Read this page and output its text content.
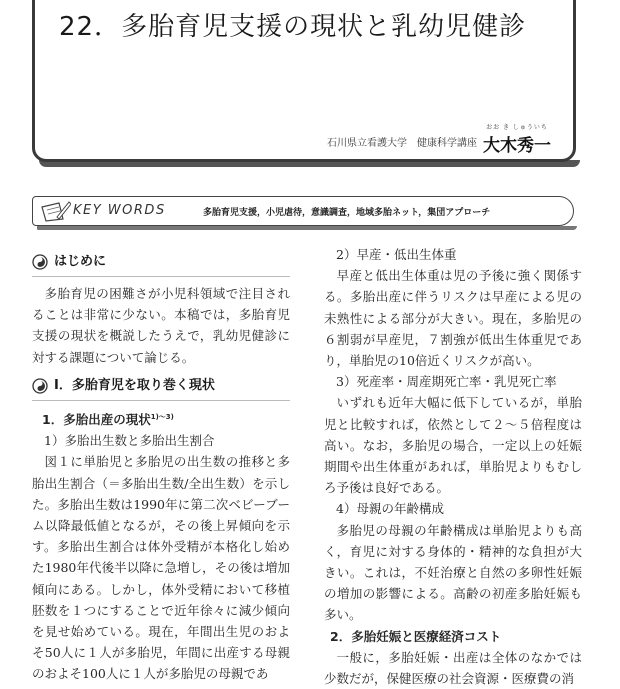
22．多胎育児支援の現状と乳幼児健診
石川県立看護大学　健康科学講座
おお き しゅういち
大木秀一
KEY WORDS	多胎育児支援，小児虐待，意識調査，地域多胎ネット，集団アプローチ
はじめに

多胎育児の困難さが小児科領域で注目されることは非常に少ない。本稿では，多胎育児支援の現状を概説したうえで，乳幼児健診に対する課題について論じる。

Ⅰ．多胎育児を取り巻く現状
1．多胎出産の現状$^{1)〜3)}$
1）多胎出生数と多胎出生割合

図１に単胎児と多胎児の出生数の推移と多胎出生割合（＝多胎出生数/全出生数）を示した。多胎出生数は1990年に第二次ベビーブーム以降最低値となるが，その後上昇傾向を示す。多胎出生割合は体外受精が本格化し始めた1980年代後半以降に急増し，その後は増加傾向にある。しかし，体外受精において移植胚数を１つにすることで近年徐々に減少傾向を見せ始めている。現在，年間出生児のおよそ50人に１人が多胎児，年間に出産する母親のおよそ100人に１人が多胎児の母親であ

2）早産・低出生体重

早産と低出生体重は児の予後に強く関係する。多胎出産に伴うリスクは早産による児の未熟性による部分が大きい。現在，多胎児の６割弱が早産児，７割強が低出生体重児であり，単胎児の10倍近くリスクが高い。

3）死産率・周産期死亡率・乳児死亡率

いずれも近年大幅に低下しているが，単胎児と比較すれば，依然として２〜５倍程度は高い。なお，多胎児の場合，一定以上の妊娠期間や出生体重があれば，単胎児よりもむしろ予後は良好である。

4）母親の年齢構成

多胎児の母親の年齢構成は単胎児よりも高く，育児に対する身体的・精神的な負担が大きい。これは，不妊治療と自然の多卵性妊娠の増加の影響による。高齢の初産多胎妊娠も多い。

2．多胎妊娠と医療経済コスト

一般に，多胎妊娠・出産は全体のなかでは少数だが，保健医療の社会資源・医療費の消
